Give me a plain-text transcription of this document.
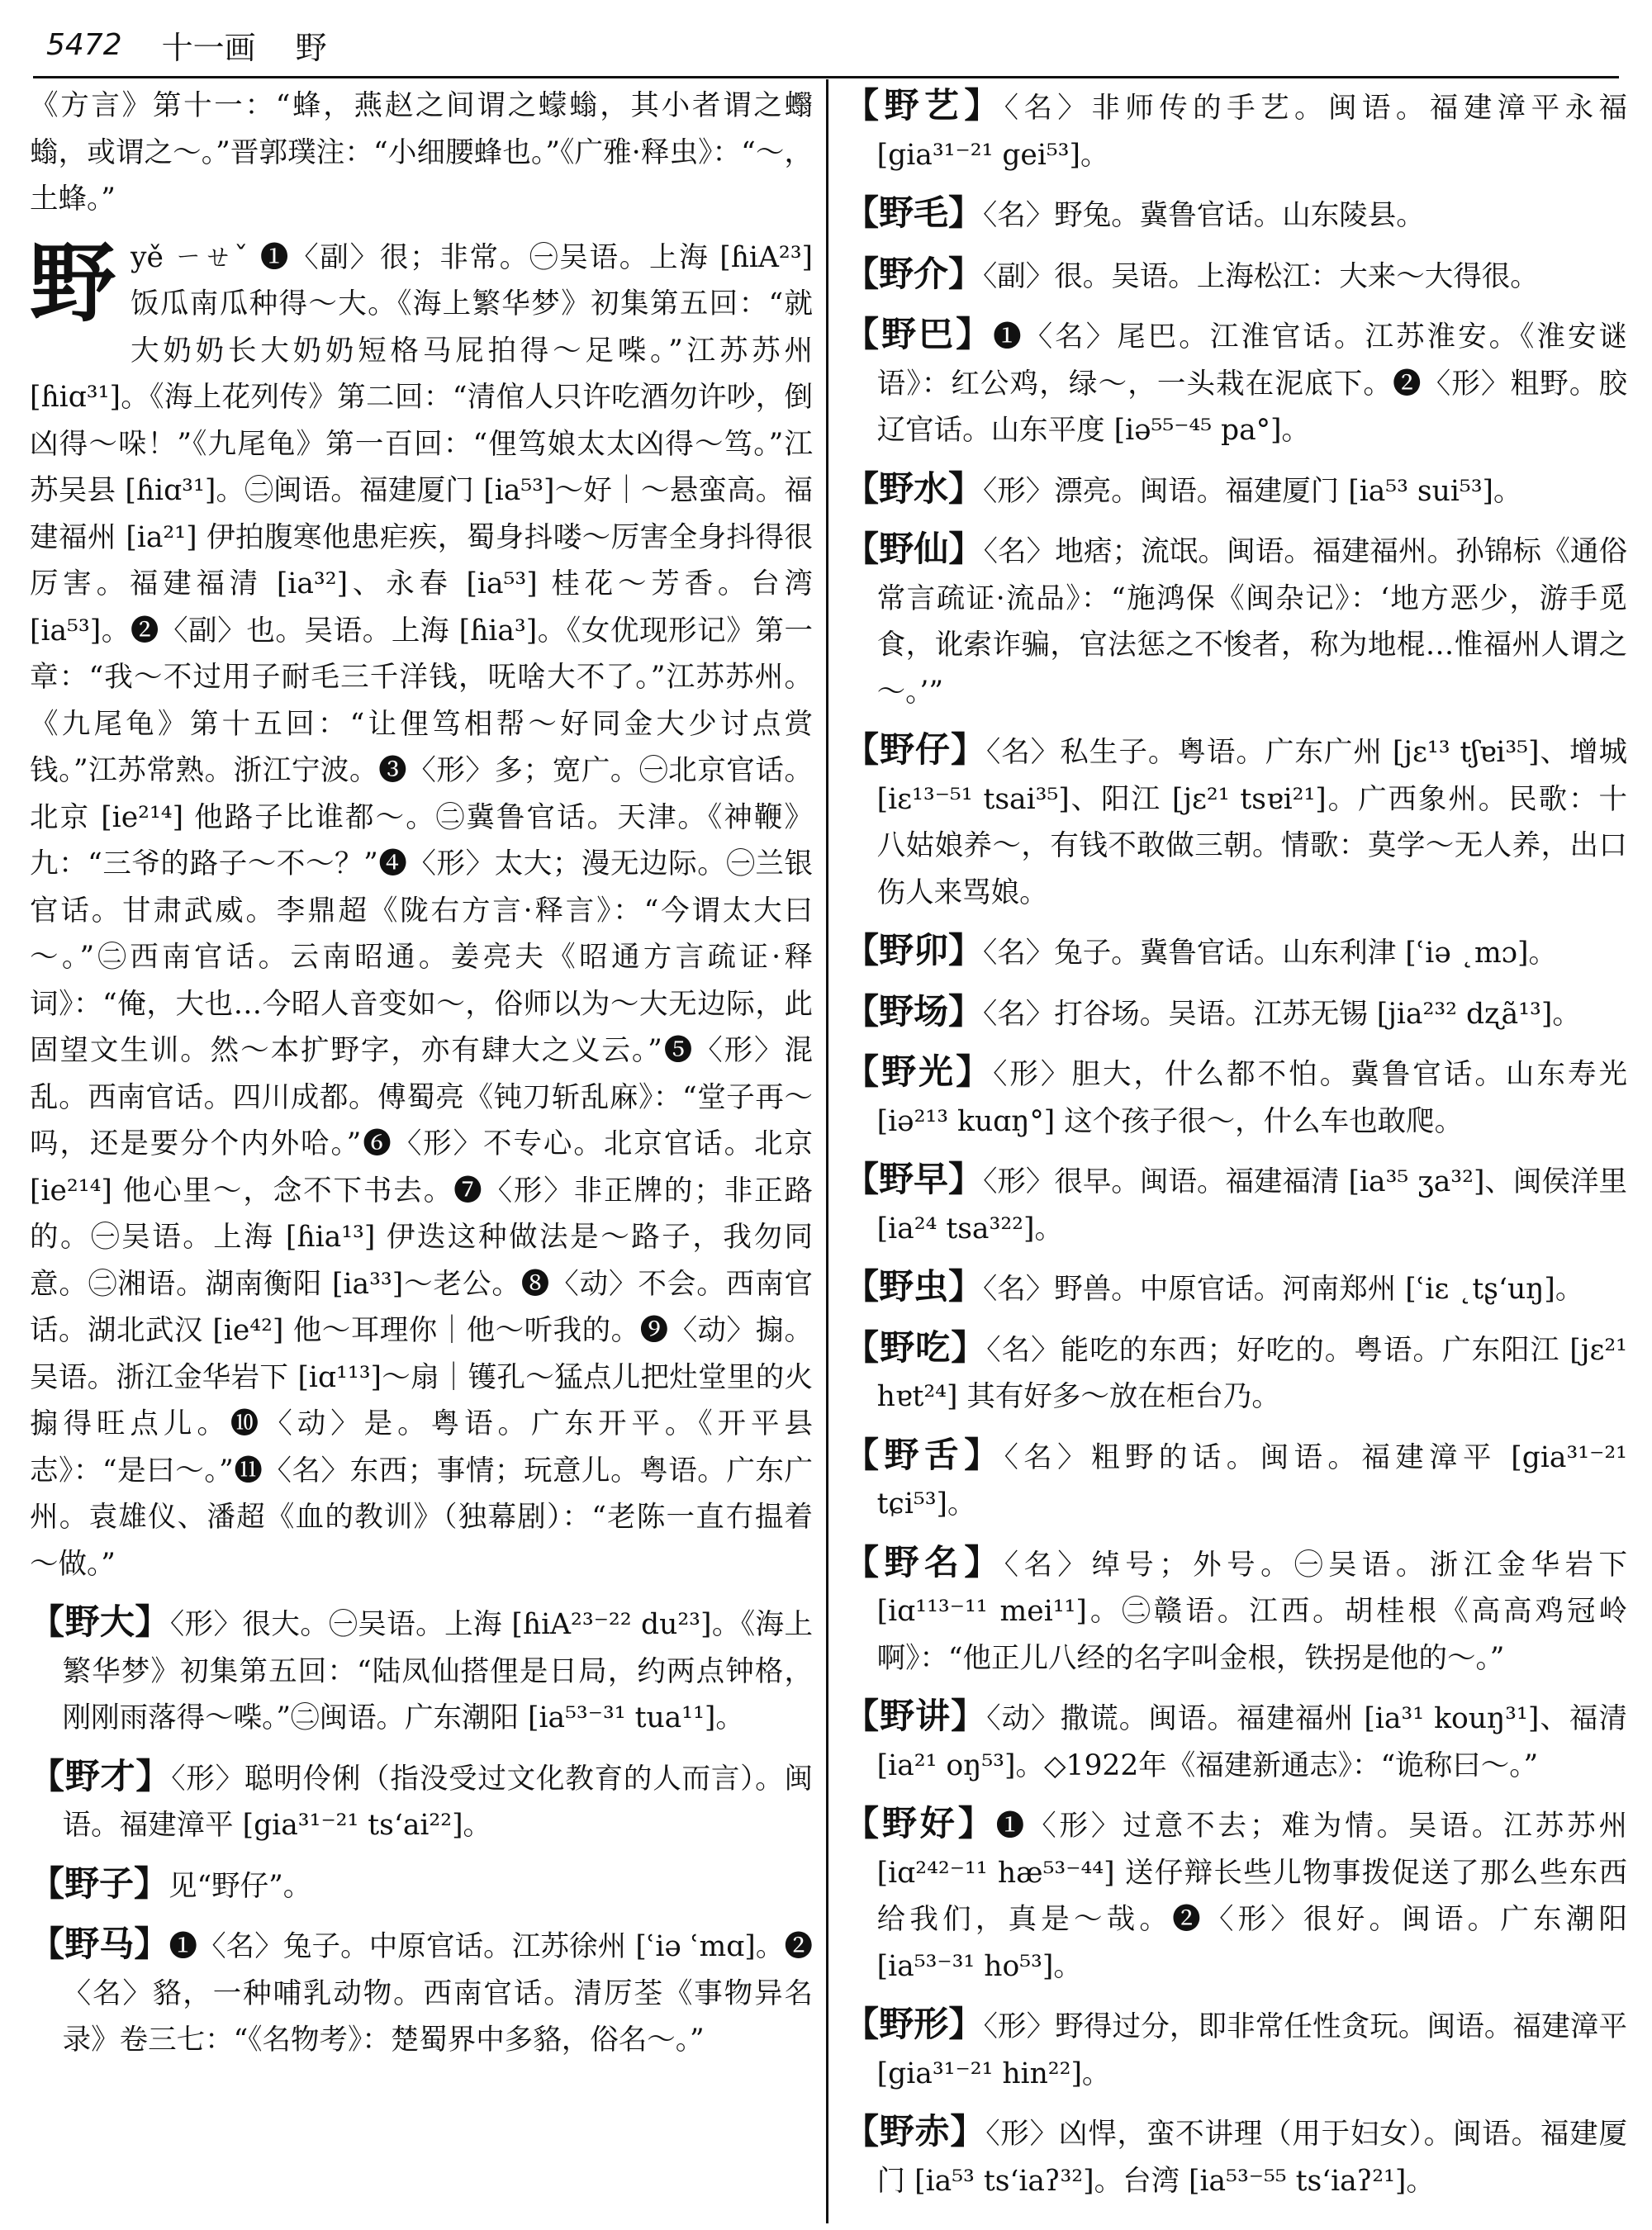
5472 十一画 野

《方言》第十一：“蜂，燕赵之间谓之蠓螉，其小者谓之蠮螉，或谓之～。”晋郭璞注：“小细腰蜂也。”《广雅·释虫》：“～，土蜂。”

野 yě ㄧㄝˇ ❶〈副〉很；非常。㊀吴语。上海 [ɦiA²³] 饭瓜南瓜种得～大。《海上繁华梦》初集第五回：“就大奶奶长大奶奶短格马屁拍得～足喍。”江苏苏州 [ɦiɑ³¹]。《海上花列传》第二回：“清倌人只许吃酒勿许吵，倒凶得～哚！”《九尾龟》第一百回：“俚笃娘太太凶得～笃。”江苏吴县 [ɦiɑ³¹]。㊁闽语。福建厦门 [ia⁵³]～好｜～悬蛮高。福建福州 [ia²¹] 伊拍腹寒他患疟疾，蜀身抖喽～厉害全身抖得很厉害。福建福清 [ia³²]、永春 [ia⁵³] 桂花～芳香。台湾 [ia⁵³]。❷〈副〉也。吴语。上海 [ɦia³]。《女优现形记》第一章：“我～不过用子耐毛三千洋钱，呒啥大不了。”江苏苏州。《九尾龟》第十五回：“让俚笃相帮～好同金大少讨点赏钱。”江苏常熟。浙江宁波。❸〈形〉多；宽广。㊀北京官话。北京 [ie²¹⁴] 他路子比谁都～。㊁冀鲁官话。天津。《神鞭》九：“三爷的路子～不～？”❹〈形〉太大；漫无边际。㊀兰银官话。甘肃武威。李鼎超《陇右方言·释言》：“今谓太大曰～。”㊁西南官话。云南昭通。姜亮夫《昭通方言疏证·释词》：“俺，大也…今昭人音变如～，俗师以为～大无边际，此固望文生训。然～本扩野字，亦有肆大之义云。”❺〈形〉混乱。西南官话。四川成都。傅蜀亮《钝刀斩乱麻》：“堂子再～吗，还是要分个内外哈。”❻〈形〉不专心。北京官话。北京 [ie²¹⁴] 他心里～，念不下书去。❼〈形〉非正牌的；非正路的。㊀吴语。上海 [ɦia¹³] 伊迭这种做法是～路子，我勿同意。㊁湘语。湖南衡阳 [ia³³]～老公。❽〈动〉不会。西南官话。湖北武汉 [ie⁴²] 他～耳理你｜他～听我的。❾〈动〉搧。吴语。浙江金华岩下 [iɑ¹¹³]～扇｜镬孔～猛点儿把灶堂里的火搧得旺点儿。❿〈动〉是。粤语。广东开平。《开平县志》：“是曰～。”⓫〈名〉东西；事情；玩意儿。粤语。广东广州。袁雄仪、潘超《血的教训》（独幕剧）：“老陈一直冇揾着～做。”

【野大】〈形〉很大。㊀吴语。上海 [ɦiA²³⁻²² du²³]。《海上繁华梦》初集第五回：“陆凤仙搭俚是日局，约两点钟格，刚刚雨落得～喍。”㊁闽语。广东潮阳 [ia⁵³⁻³¹ tua¹¹]。

【野才】〈形〉聪明伶俐（指没受过文化教育的人而言）。闽语。福建漳平 [gia³¹⁻²¹ ts‘ai²²]。

【野子】见“野仔”。

【野马】❶〈名〉兔子。中原官话。江苏徐州 [ʿiə ʿmɑ]。❷〈名〉貉，一种哺乳动物。西南官话。清厉荃《事物异名录》卷三七：“《名物考》：楚蜀界中多貉，俗名～。”

【野艺】〈名〉非师传的手艺。闽语。福建漳平永福 [gia³¹⁻²¹ gei⁵³]。

【野毛】〈名〉野兔。冀鲁官话。山东陵县。

【野介】〈副〉很。吴语。上海松江：大来～大得很。

【野巴】❶〈名〉尾巴。江淮官话。江苏淮安。《淮安谜语》：红公鸡，绿～，一头栽在泥底下。❷〈形〉粗野。胶辽官话。山东平度 [iə⁵⁵⁻⁴⁵ pa°]。

【野水】〈形〉漂亮。闽语。福建厦门 [ia⁵³ sui⁵³]。

【野仙】〈名〉地痞；流氓。闽语。福建福州。孙锦标《通俗常言疏证·流品》：“施鸿保《闽杂记》：‘地方恶少，游手觅食，讹索诈骗，官法惩之不悛者，称为地棍…惟福州人谓之～。’”

【野仔】〈名〉私生子。粤语。广东广州 [jɛ¹³ tʃɐi³⁵]、增城 [iɛ¹³⁻⁵¹ tsai³⁵]、阳江 [jɛ²¹ tsɐi²¹]。广西象州。民歌：十八姑娘养～，有钱不敢做三朝。情歌：莫学～无人养，出口伤人来骂娘。

【野卯】〈名〉兔子。冀鲁官话。山东利津 [ʿiə ˛mɔ]。

【野场】〈名〉打谷场。吴语。江苏无锡 [jia²³² dʐã¹³]。

【野光】〈形〉胆大，什么都不怕。冀鲁官话。山东寿光 [iə²¹³ kuɑŋ°] 这个孩子很～，什么车也敢爬。

【野早】〈形〉很早。闽语。福建福清 [ia³⁵ ʒa³²]、闽侯洋里 [ia²⁴ tsa³²²]。

【野虫】〈名〉野兽。中原官话。河南郑州 [ʿiɛ ˛tʂ‘uŋ]。

【野吃】〈名〉能吃的东西；好吃的。粤语。广东阳江 [jɛ²¹ hɐt²⁴] 其有好多～放在柜台乃。

【野舌】〈名〉粗野的话。闽语。福建漳平 [gia³¹⁻²¹ tɕi⁵³]。

【野名】〈名〉绰号；外号。㊀吴语。浙江金华岩下 [iɑ¹¹³⁻¹¹ mei¹¹]。㊁赣语。江西。胡桂根《高高鸡冠岭啊》：“他正儿八经的名字叫金根，铁拐是他的～。”

【野讲】〈动〉撒谎。闽语。福建福州 [ia³¹ kouŋ³¹]、福清 [ia²¹ oŋ⁵³]。◇1922年《福建新通志》：“诡称曰～。”

【野好】❶〈形〉过意不去；难为情。吴语。江苏苏州 [iɑ²⁴²⁻¹¹ hæ⁵³⁻⁴⁴] 送仔辩长些儿物事拨促送了那么些东西给我们，真是～哉。❷〈形〉很好。闽语。广东潮阳 [ia⁵³⁻³¹ ho⁵³]。

【野形】〈形〉野得过分，即非常任性贪玩。闽语。福建漳平 [gia³¹⁻²¹ hin²²]。

【野赤】〈形〉凶悍，蛮不讲理（用于妇女）。闽语。福建厦门 [ia⁵³ ts‘iaʔ³²]。台湾 [ia⁵³⁻⁵⁵ ts‘iaʔ²¹]。
